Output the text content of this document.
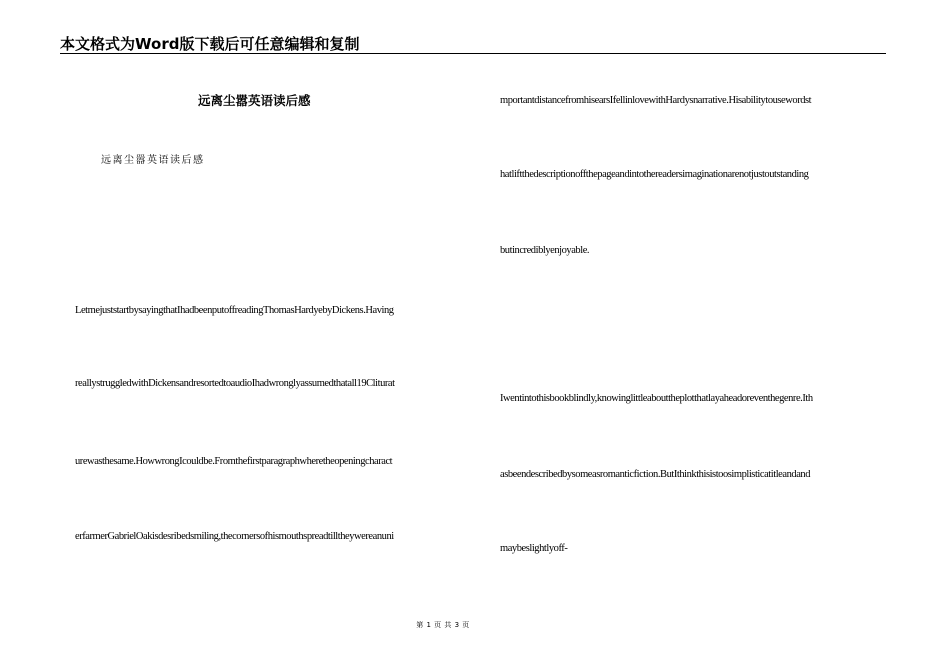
本文格式为Word版下载后可任意编辑和复制
远离尘嚣英语读后感
远离尘嚣英语读后感
LetmejuststartbysayingthatIhadbeenputoffreadingThomasHardyebyDickens.Having
reallystruggledwithDickensandresortedtoaudioIhadwronglyassumedthatall19Cliturat
urewasthesame.HowwrongIcouldbe.Fromthefirstparagraphwheretheopeningcharact
erfarmerGabrielOakisdesribedsmiling,thecornersofhismouthspreadtilltheywereanuni
mportantdistancefromhisearsIfellinlovewithHardysnarrative.Hisabilitytousewordst
hatliftthedescriptionoffthepageandintothereadersimaginationarenotjustoutstanding
butincrediblyenjoyable.
Iwentintothisbookblindly,knowinglittleabouttheplotthatlayaheadoreventhegenre.Ith
asbeendescribedbysomeasromanticfiction.ButIthinkthisistoosimplisticatitleandand
maybeslightlyoff-
第 1 页 共 3 页
